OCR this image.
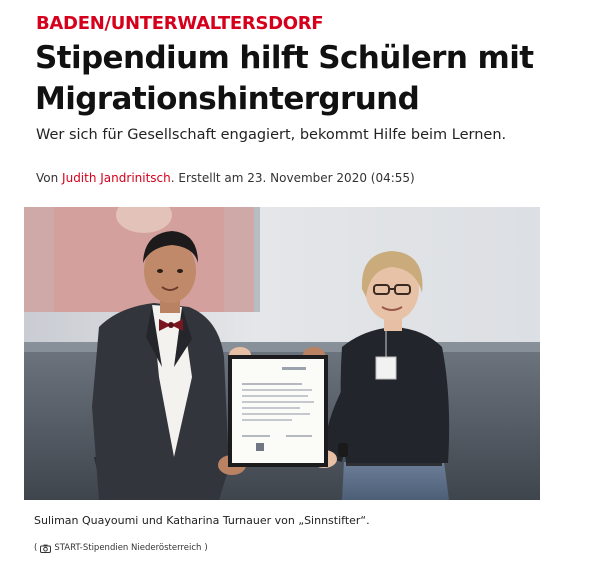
BADEN/UNTERWALTERSDORF
Stipendium hilft Schülern mit Migrationshintergrund
Wer sich für Gesellschaft engagiert, bekommt Hilfe beim Lernen.
Von Judith Jandrinitsch. Erstellt am 23. November 2020 (04:55)
Suliman Quayoumi und Katharina Turnauer von „Sinnstifter“.
( START-Stipendien Niederösterreich )
